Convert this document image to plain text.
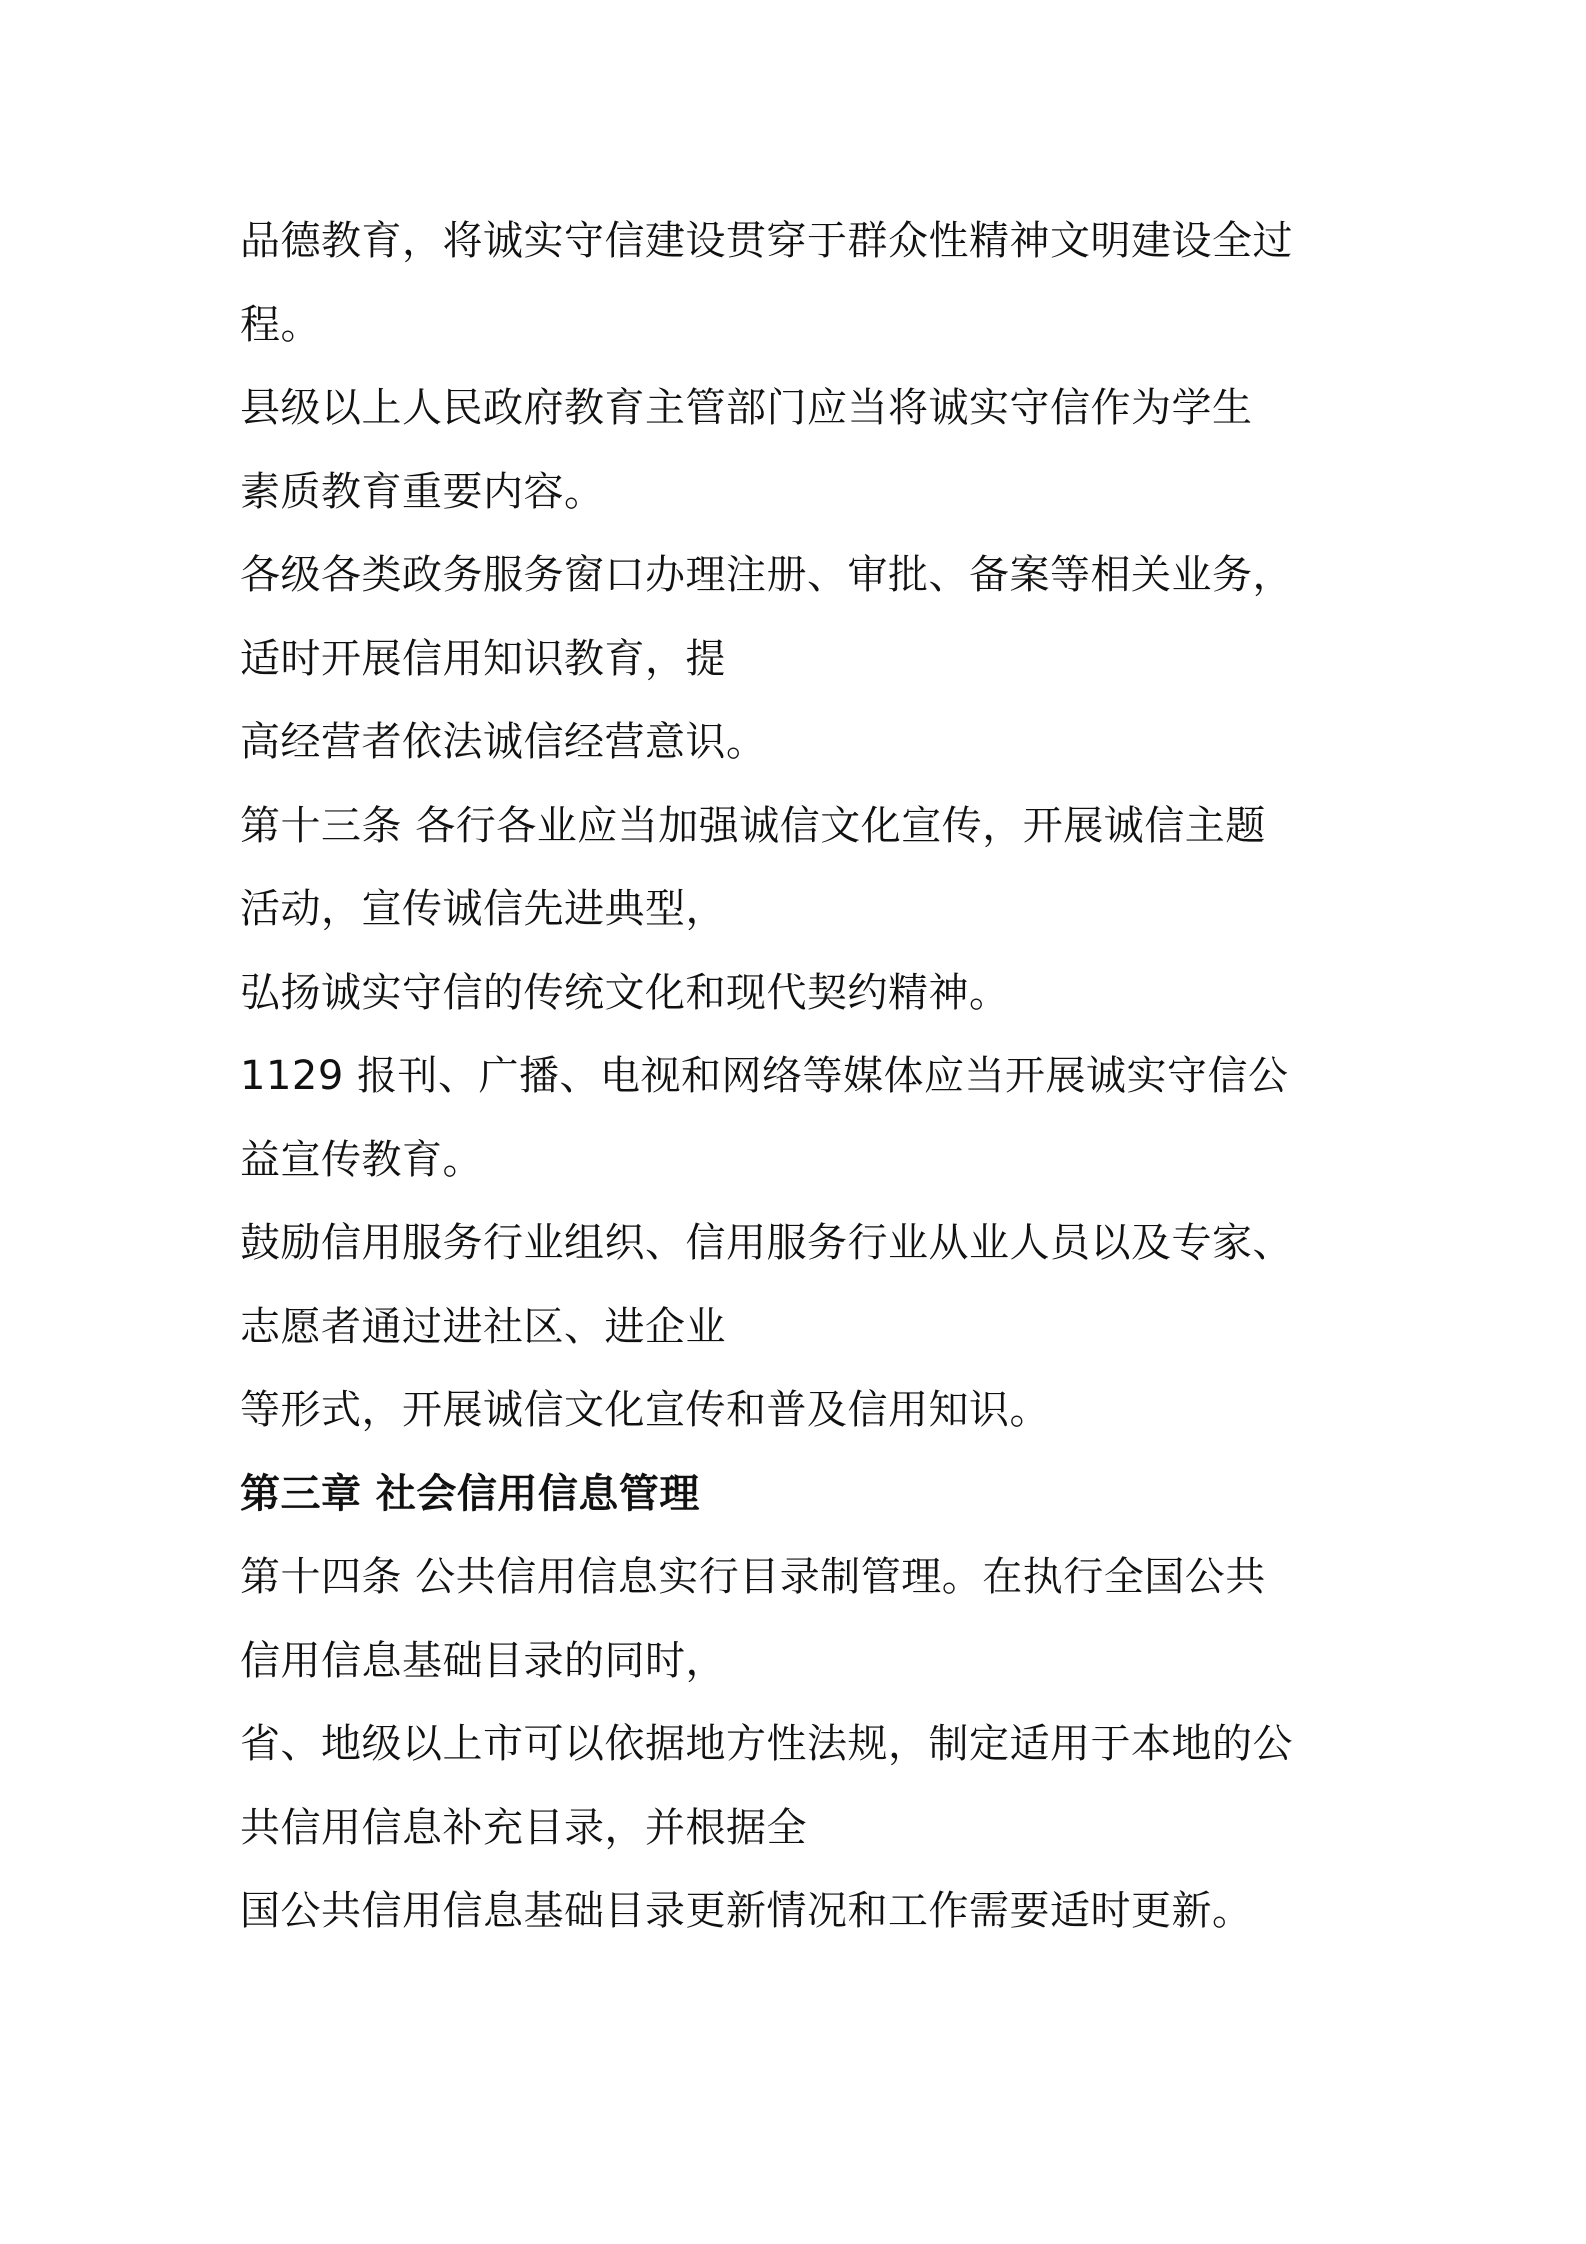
品德教育，将诚实守信建设贯穿于群众性精神文明建设全过
程。
县级以上人民政府教育主管部门应当将诚实守信作为学生
素质教育重要内容。
各级各类政务服务窗口办理注册、审批、备案等相关业务，
适时开展信用知识教育，提
高经营者依法诚信经营意识。
第十三条 各行各业应当加强诚信文化宣传，开展诚信主题
活动，宣传诚信先进典型，
弘扬诚实守信的传统文化和现代契约精神。
1129 报刊、广播、电视和网络等媒体应当开展诚实守信公
益宣传教育。
鼓励信用服务行业组织、信用服务行业从业人员以及专家、
志愿者通过进社区、进企业
等形式，开展诚信文化宣传和普及信用知识。
第三章 社会信用信息管理
第十四条 公共信用信息实行目录制管理。在执行全国公共
信用信息基础目录的同时，
省、地级以上市可以依据地方性法规，制定适用于本地的公
共信用信息补充目录，并根据全
国公共信用信息基础目录更新情况和工作需要适时更新。
